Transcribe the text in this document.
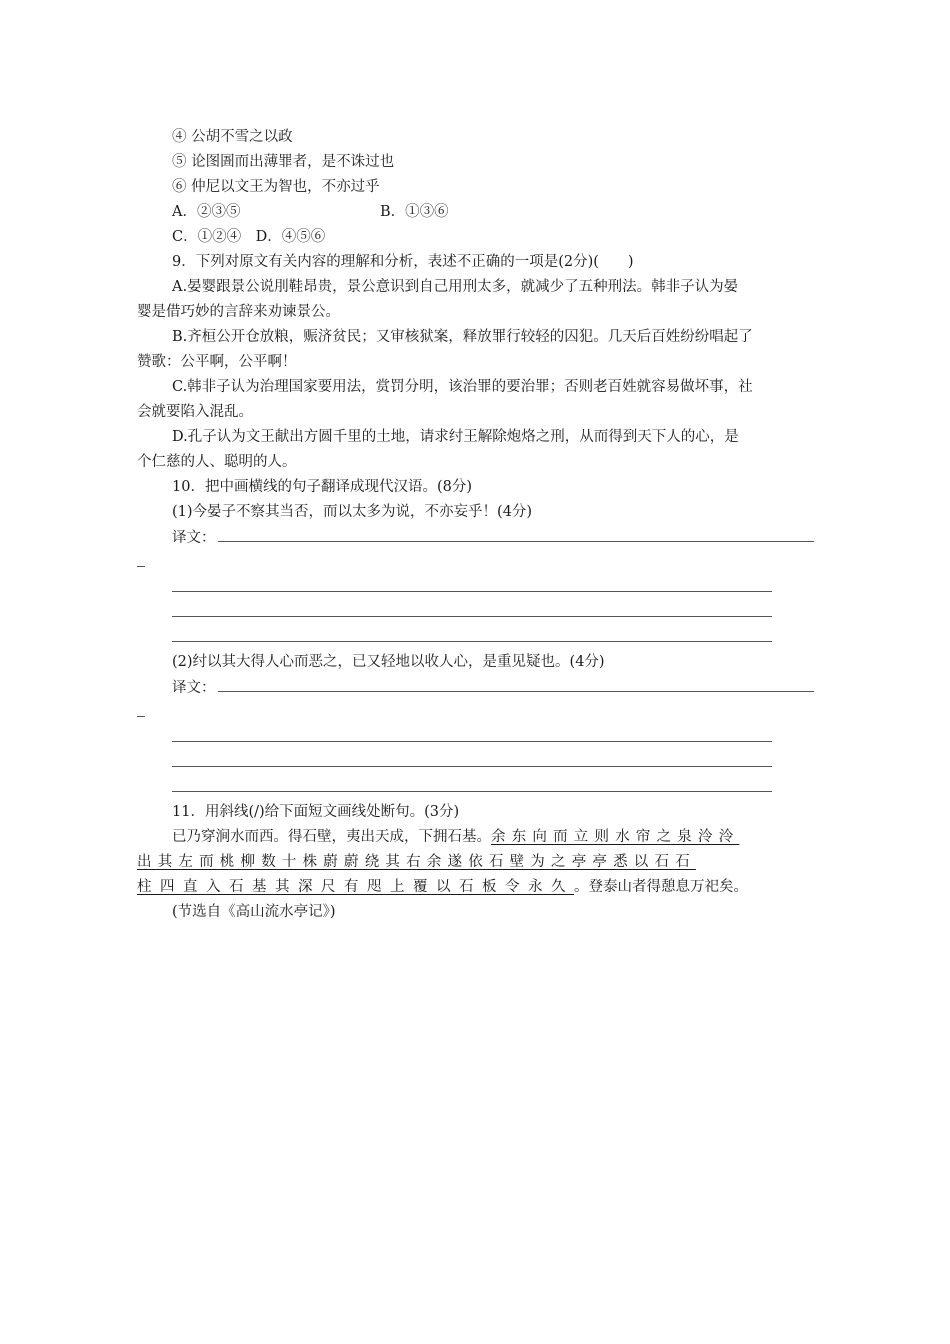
④ 公胡不雪之以政
⑤ 论图圄而出薄罪者，是不诛过也
⑥ 仲尼以文王为智也，不亦过乎
A．②③⑤	B．①③⑥
C．①②④　D．④⑤⑥
9．下列对原文有关内容的理解和分析，表述不正确的一项是(2分)(　　)
A.晏婴跟景公说刖鞋昂贵，景公意识到自己用刑太多，就减少了五种刑法。韩非子认为晏
婴是借巧妙的言辞来劝谏景公。
B.齐桓公开仓放粮，赈济贫民；又审核狱案，释放罪行较轻的囚犯。几天后百姓纷纷唱起了
赞歌：公平啊，公平啊！
C.韩非子认为治理国家要用法，赏罚分明，该治罪的要治罪；否则老百姓就容易做坏事，社
会就要陷入混乱。
D.孔子认为文王献出方圆千里的土地，请求纣王解除炮烙之刑，从而得到天下人的心，是
个仁慈的人、聪明的人。
10．把中画横线的句子翻译成现代汉语。(8分)
(1)今晏子不察其当否，而以太多为说，不亦妄乎！(4分)
译文：
(2)纣以其大得人心而恶之，已又轻地以收人心，是重见疑也。(4分)
译文：
11．用斜线(/)给下面短文画线处断句。(3分)
已乃穿涧水而西。得石壁，夷出天成，下拥石基。余东向而立则水帘之泉泠泠
出其左而桃柳数十株蔚蔚绕其右余遂依石壁为之亭亭悉以石石
柱四直入石基其深尺有咫上覆以石板令永久。登泰山者得憩息万祀矣。
(节选自《高山流水亭记》)
